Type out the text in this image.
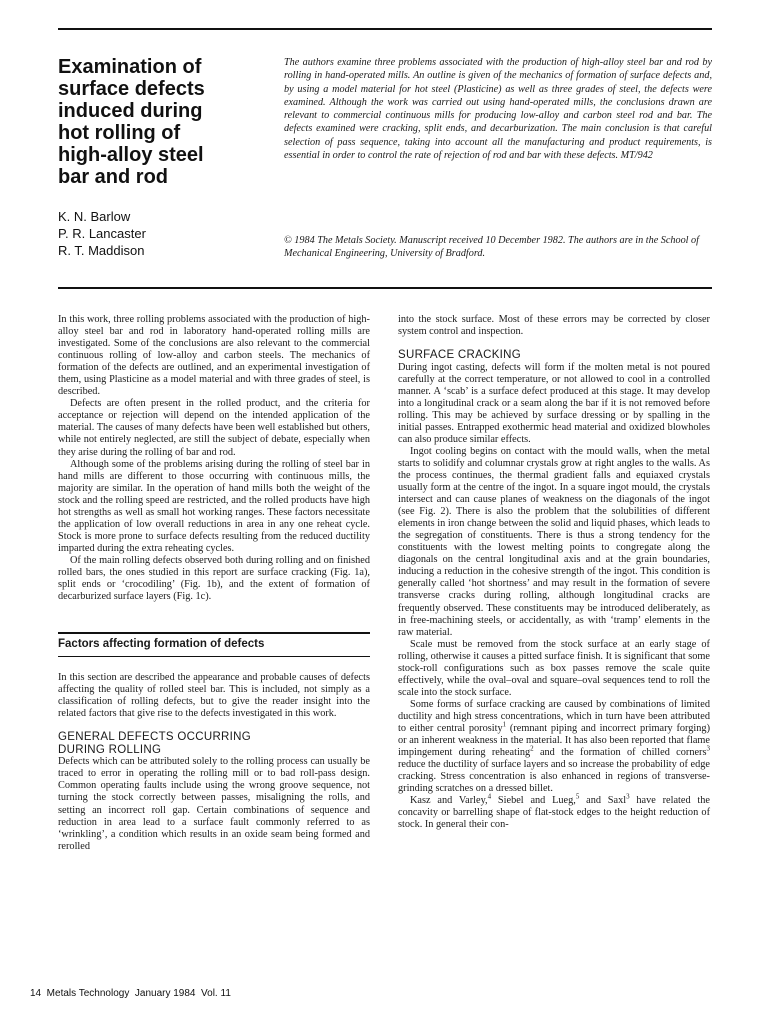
Examination of
surface defects
induced during
hot rolling of
high-alloy steel
bar and rod
K. N. Barlow
P. R. Lancaster
R. T. Maddison

The authors examine three problems associated with the production of high-alloy steel bar and rod by rolling in hand-operated mills. An outline is given of the mechanics of formation of surface defects and, by using a model material for hot steel (Plasticine) as well as three grades of steel, the defects were examined. Although the work was carried out using hand-operated mills, the conclusions drawn are relevant to commercial continuous mills for producing low-alloy and carbon steel rod and bar. The defects examined were cracking, split ends, and decarburization. The main conclusion is that careful selection of pass sequence, taking into account all the manufacturing and product requirements, is essential in order to control the rate of rejection of rod and bar with these defects. MT/942

© 1984 The Metals Society. Manuscript received 10 December 1982. The authors are in the School of Mechanical Engineering, University of Bradford.

In this work, three rolling problems associated with the production of high-alloy steel bar and rod in laboratory hand-operated rolling mills are investigated. Some of the conclusions are also relevant to the commercial continuous rolling of low-alloy and carbon steels. The mechanics of formation of the defects are outlined, and an experimental investigation of them, using Plasticine as a model material and with three grades of steel, is described.

Defects are often present in the rolled product, and the criteria for acceptance or rejection will depend on the intended application of the material. The causes of many defects have been well established but others, while not entirely neglected, are still the subject of debate, especially when they arise during the rolling of bar and rod.

Although some of the problems arising during the rolling of steel bar in hand mills are different to those occurring with continuous mills, the majority are similar. In the operation of hand mills both the weight of the stock and the rolling speed are restricted, and the rolled products have high hot strengths as well as small hot working ranges. These factors necessitate the application of low overall reductions in area in any one reheat cycle. Stock is more prone to surface defects resulting from the reduced ductility imparted during the extra reheating cycles.

Of the main rolling defects observed both during rolling and on finished rolled bars, the ones studied in this report are surface cracking (Fig. 1a), split ends or ‘crocodiling’ (Fig. 1b), and the extent of formation of decarburized surface layers (Fig. 1c).

Factors affecting formation of defects

In this section are described the appearance and probable causes of defects affecting the quality of rolled steel bar. This is included, not simply as a classification of rolling defects, but to give the reader insight into the related factors that give rise to the defects investigated in this work.

GENERAL DEFECTS OCCURRING
DURING ROLLING

Defects which can be attributed solely to the rolling process can usually be traced to error in operating the rolling mill or to bad roll-pass design. Common operating faults include using the wrong groove sequence, not turning the stock correctly between passes, misaligning the rolls, and setting an incorrect roll gap. Certain combinations of sequence and reduction in area lead to a surface fault commonly referred to as ‘wrinkling’, a condition which results in an oxide seam being formed and rerolled

into the stock surface. Most of these errors may be corrected by closer system control and inspection.

SURFACE CRACKING

During ingot casting, defects will form if the molten metal is not poured carefully at the correct temperature, or not allowed to cool in a controlled manner. A ‘scab’ is a surface defect produced at this stage. It may develop into a longitudinal crack or a seam along the bar if it is not removed before rolling. This may be achieved by surface dressing or by spalling in the initial passes. Entrapped exothermic head material and oxidized blowholes can also produce similar effects.

Ingot cooling begins on contact with the mould walls, when the metal starts to solidify and columnar crystals grow at right angles to the walls. As the process continues, the thermal gradient falls and equiaxed crystals usually form at the centre of the ingot. In a square ingot mould, the crystals intersect and can cause planes of weakness on the diagonals of the ingot (see Fig. 2). There is also the problem that the solubilities of different elements in iron change between the solid and liquid phases, which leads to the segregation of constituents. There is thus a strong tendency for the constituents with the lowest melting points to congregate along the diagonals on the central longitudinal axis and at the grain boundaries, inducing a reduction in the cohesive strength of the ingot. This condition is generally called ‘hot shortness’ and may result in the formation of severe transverse cracks during rolling, although longitudinal cracks are frequently observed. These constituents may be introduced deliberately, as in free-machining steels, or accidentally, as with ‘tramp’ elements in the raw material.

Scale must be removed from the stock surface at an early stage of rolling, otherwise it causes a pitted surface finish. It is significant that some stock-roll configurations such as box passes remove the scale quite effectively, while the oval–oval and square–oval sequences tend to roll the scale into the stock surface.

Some forms of surface cracking are caused by combinations of limited ductility and high stress concentrations, which in turn have been attributed to either central porosity$^1$ (remnant piping and incorrect primary forging) or an inherent weakness in the material. It has also been reported that flame impingement during reheating$^2$ and the formation of chilled corners$^3$ reduce the ductility of surface layers and so increase the probability of edge cracking. Stress concentration is also enhanced in regions of transverse-grinding scratches on a dressed billet.

Kasz and Varley,$^4$ Siebel and Lueg,$^5$ and Saxl$^3$ have related the concavity or barrelling shape of flat-stock edges to the height reduction of stock. In general their con-

14  Metals Technology  January 1984  Vol. 11
